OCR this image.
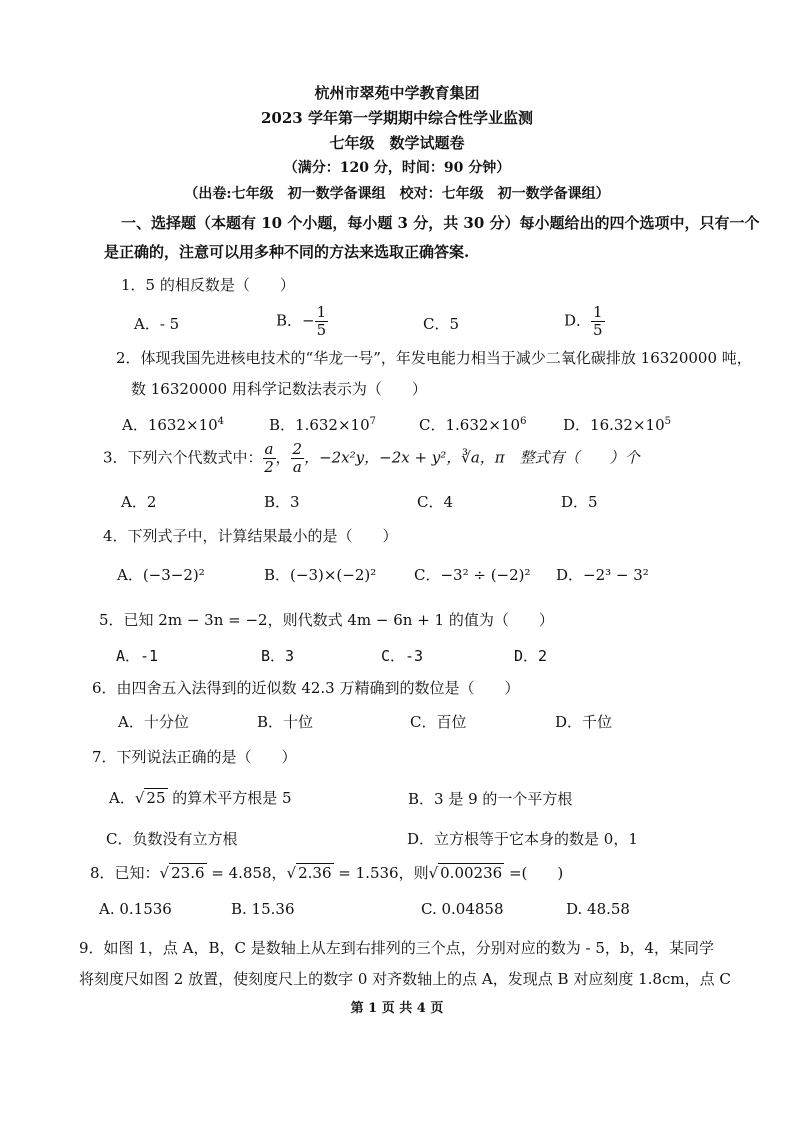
杭州市翠苑中学教育集团
2023 学年第一学期期中综合性学业监测
七年级　数学试题卷
（满分：120 分，时间：90 分钟）
（出卷:七年级　初一数学备课组　校对：七年级　初一数学备课组）
一、选择题（本题有 10 个小题，每小题 3 分，共 30 分）每小题给出的四个选项中，只有一个
是正确的，注意可以用多种不同的方法来选取正确答案.
1．5 的相反数是（　　）
A．- 5	B．− $\frac{1}{5}$	C．5	D． $\frac{1}{5}$
2．体现我国先进核电技术的“华龙一号”，年发电能力相当于减少二氧化碳排放 16320000 吨，
数 16320000 用科学记数法表示为（　　）
A．$1632\times 10^4$	B．$1.632\times 10^7$	C．$1.632\times 10^6$ D．$16.32\times 10^5$
3．下列六个代数式中： $\frac{a}{2}$ ， $\frac{2}{a}$ ，−2x²y，−2x + y²，∛a，π　整式有（　　）个
A．2	B．3	C．4	D．5
4．下列式子中，计算结果最小的是（　　）
A．(−3−2)²	B．(−3)×(−2)²	C．−3² ÷ (−2)² D．−2³ − 3²
5．已知 2m − 3n = −2，则代数式 4m − 6n + 1 的值为（　　）
A．-1	B．3	C．-3	D．2
6．由四舍五入法得到的近似数 42.3 万精确到的数位是（　　）
A．十分位	B．十位	C．百位	D．千位
7．下列说法正确的是（　　）
A．√ 25 的算术平方根是 5	B．3 是 9 的一个平方根
C．负数没有立方根	D．立方根等于它本身的数是 0，1
8．已知：√ 23.6 = 4.858，√ 2.36 = 1.536，则√ 0.00236 =(　　)
A. 0.1536	B. 15.36	C. 0.04858	D. 48.58
9．如图 1，点 A，B，C 是数轴上从左到右排列的三个点，分别对应的数为 - 5，b，4，某同学
将刻度尺如图 2 放置，使刻度尺上的数字 0 对齐数轴上的点 A，发现点 B 对应刻度 1.8cm，点 C
第 1 页 共 4 页
